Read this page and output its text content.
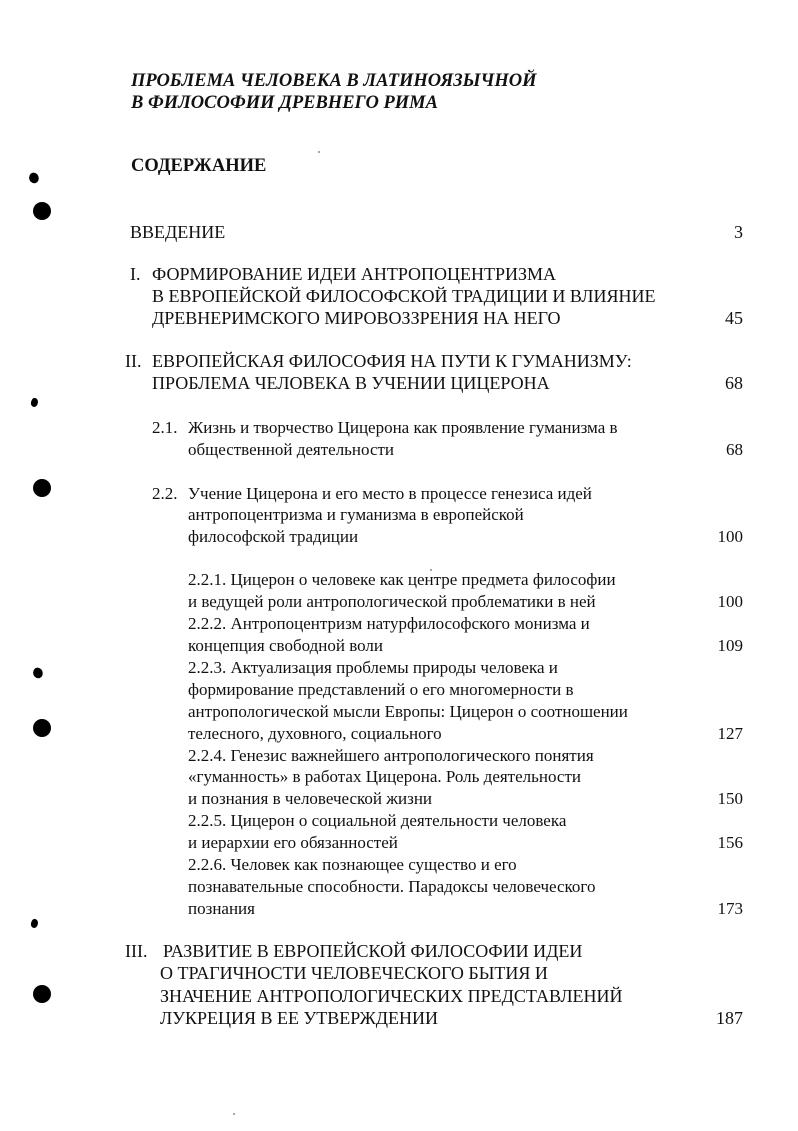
ПРОБЛЕМА ЧЕЛОВЕКА В ЛАТИНОЯЗЫЧНОЙ
В ФИЛОСОФИИ ДРЕВНЕГО РИМА
СОДЕРЖАНИЕ
ВВЕДЕНИЕ	3
I. ФОРМИРОВАНИЕ ИДЕИ АНТРОПОЦЕНТРИЗМА
В ЕВРОПЕЙСКОЙ ФИЛОСОФСКОЙ ТРАДИЦИИ И ВЛИЯНИЕ
ДРЕВНЕРИМСКОГО МИРОВОЗЗРЕНИЯ НА НЕГО	45
II. ЕВРОПЕЙСКАЯ ФИЛОСОФИЯ НА ПУТИ К ГУМАНИЗМУ:
ПРОБЛЕМА ЧЕЛОВЕКА В УЧЕНИИ ЦИЦЕРОНА	68
2.1. Жизнь и творчество Цицерона как проявление гуманизма в
общественной деятельности	68
2.2. Учение Цицерона и его место в процессе генезиса идей
антропоцентризма и гуманизма в европейской
философской традиции	100
2.2.1. Цицерон о человеке как центре предмета философии
и ведущей роли антропологической проблематики в ней	100
2.2.2. Антропоцентризм натурфилософского монизма и
концепция свободной воли	109
2.2.3. Актуализация проблемы природы человека и
формирование представлений о его многомерности в
антропологической мысли Европы: Цицерон о соотношении
телесного, духовного, социального	127
2.2.4. Генезис важнейшего антропологического понятия
«гуманность» в работах Цицерона. Роль деятельности
и познания в человеческой жизни	150
2.2.5. Цицерон о социальной деятельности человека
и иерархии его обязанностей	156
2.2.6. Человек как познающее существо и его
познавательные способности. Парадоксы человеческого
познания	173
III. РАЗВИТИЕ В ЕВРОПЕЙСКОЙ ФИЛОСОФИИ ИДЕИ
О ТРАГИЧНОСТИ ЧЕЛОВЕЧЕСКОГО БЫТИЯ И
ЗНАЧЕНИЕ АНТРОПОЛОГИЧЕСКИХ ПРЕДСТАВЛЕНИЙ
ЛУКРЕЦИЯ В ЕЕ УТВЕРЖДЕНИИ	187
